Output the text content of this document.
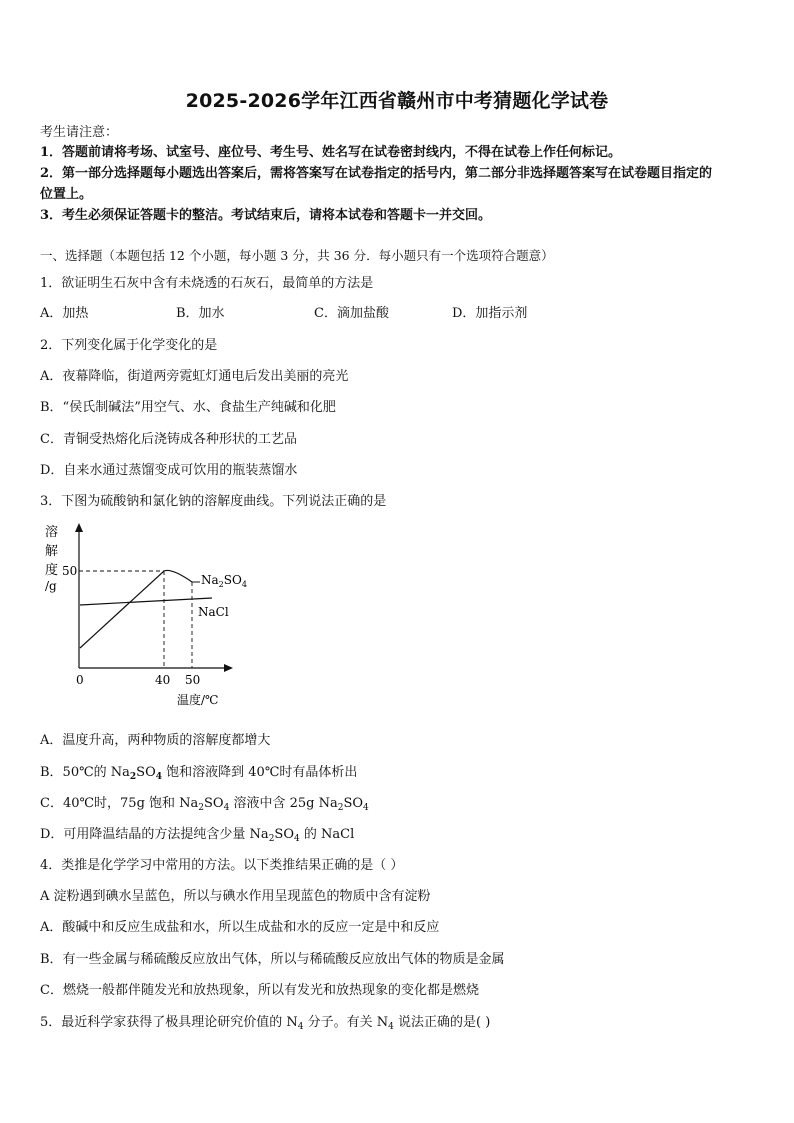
2025-2026学年江西省赣州市中考猜题化学试卷
考生请注意：
1．答题前请将考场、试室号、座位号、考生号、姓名写在试卷密封线内，不得在试卷上作任何标记。
2．第一部分选择题每小题选出答案后，需将答案写在试卷指定的括号内，第二部分非选择题答案写在试卷题目指定的
位置上。
3．考生必须保证答题卡的整洁。考试结束后，请将本试卷和答题卡一并交回。
一、选择题（本题包括 12 个小题，每小题 3 分，共 36 分．每小题只有一个选项符合题意）
1．欲证明生石灰中含有未烧透的石灰石，最简单的方法是
A．加热	B．加水	C．滴加盐酸	D．加指示剂
2．下列变化属于化学变化的是
A．夜幕降临，街道两旁霓虹灯通电后发出美丽的亮光
B．“侯氏制碱法”用空气、水、食盐生产纯碱和化肥
C．青铜受热熔化后浇铸成各种形状的工艺品
D．自来水通过蒸馏变成可饮用的瓶装蒸馏水
3．下图为硫酸钠和氯化钠的溶解度曲线。下列说法正确的是
溶
解
度
/g
50
0	40 50
温度/℃
$Na_2SO_4$
NaCl
A．温度升高，两种物质的溶解度都增大
B．50℃的 $Na_2SO_4$ 饱和溶液降到 40℃时有晶体析出
C．40℃时，75g 饱和 $Na_2SO_4$ 溶液中含 25g $Na_2SO_4$
D．可用降温结晶的方法提纯含少量 $Na_2SO_4$ 的 NaCl
4．类推是化学学习中常用的方法。以下类推结果正确的是（ ）
A 淀粉遇到碘水呈蓝色，所以与碘水作用呈现蓝色的物质中含有淀粉
A．酸碱中和反应生成盐和水，所以生成盐和水的反应一定是中和反应
B．有一些金属与稀硫酸反应放出气体，所以与稀硫酸反应放出气体的物质是金属
C．燃烧一般都伴随发光和放热现象，所以有发光和放热现象的变化都是燃烧
5．最近科学家获得了极具理论研究价值的 $N_4$ 分子。有关 $N_4$ 说法正确的是( )
